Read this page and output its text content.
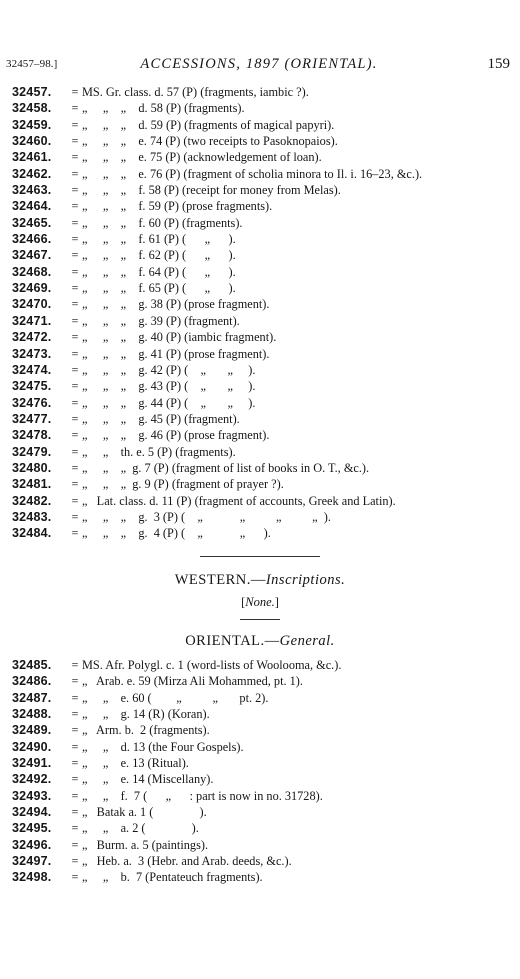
32457–98.]	ACCESSIONS, 1897 (ORIENTAL).	159
32457. = MS. Gr. class. d. 57 (P) (fragments, iambic ?).
32458. = „     „    „    d. 58 (P) (fragments).
32459. = „     „    „    d. 59 (P) (fragments of magical papyri).
32460. = „     „    „    e. 74 (P) (two receipts to Pasoknopaios).
32461. = „     „    „    e. 75 (P) (acknowledgement of loan).
32462. = „     „    „    e. 76 (P) (fragment of scholia minora to Il. i. 16–23, &c.).
32463. = „     „    „    f. 58 (P) (receipt for money from Melas).
32464. = „     „    „    f. 59 (P) (prose fragments).
32465. = „     „    „    f. 60 (P) (fragments).
32466. = „     „    „    f. 61 (P) (      „      ).
32467. = „     „    „    f. 62 (P) (      „      ).
32468. = „     „    „    f. 64 (P) (      „      ).
32469. = „     „    „    f. 65 (P) (      „      ).
32470. = „     „    „    g. 38 (P) (prose fragment).
32471. = „     „    „    g. 39 (P) (fragment).
32472. = „     „    „    g. 40 (P) (iambic fragment).
32473. = „     „    „    g. 41 (P) (prose fragment).
32474. = „     „    „    g. 42 (P) (    „       „     ).
32475. = „     „    „    g. 43 (P) (    „       „     ).
32476. = „     „    „    g. 44 (P) (    „       „     ).
32477. = „     „    „    g. 45 (P) (fragment).
32478. = „     „    „    g. 46 (P) (prose fragment).
32479. = „     „    th. e. 5 (P) (fragments).
32480. = „     „    „  g. 7 (P) (fragment of list of books in O. T., &c.).
32481. = „     „    „  g. 9 (P) (fragment of prayer ?).
32482. = „   Lat. class. d. 11 (P) (fragment of accounts, Greek and Latin).
32483. = „     „    „    g.  3 (P) (    „            „          „          „  ).
32484. = „     „    „    g.  4 (P) (    „            „      ).
WESTERN.—Inscriptions.
[None.]
ORIENTAL.—General.
32485. = MS. Afr. Polygl. c. 1 (word-lists of Woolooma, &c.).
32486. = „   Arab. e. 59 (Mirza Ali Mohammed, pt. 1).
32487. = „     „    e. 60 (        „          „       pt. 2).
32488. = „     „    g. 14 (R) (Koran).
32489. = „   Arm. b.  2 (fragments).
32490. = „     „    d. 13 (the Four Gospels).
32491. = „     „    e. 13 (Ritual).
32492. = „     „    e. 14 (Miscellany).
32493. = „     „    f.  7 (      „      : part is now in no. 31728).
32494. = „   Batak a. 1 (               ).
32495. = „     „    a. 2 (               ).
32496. = „   Burm. a. 5 (paintings).
32497. = „   Heb. a.  3 (Hebr. and Arab. deeds, &c.).
32498. = „     „    b.  7 (Pentateuch fragments).
